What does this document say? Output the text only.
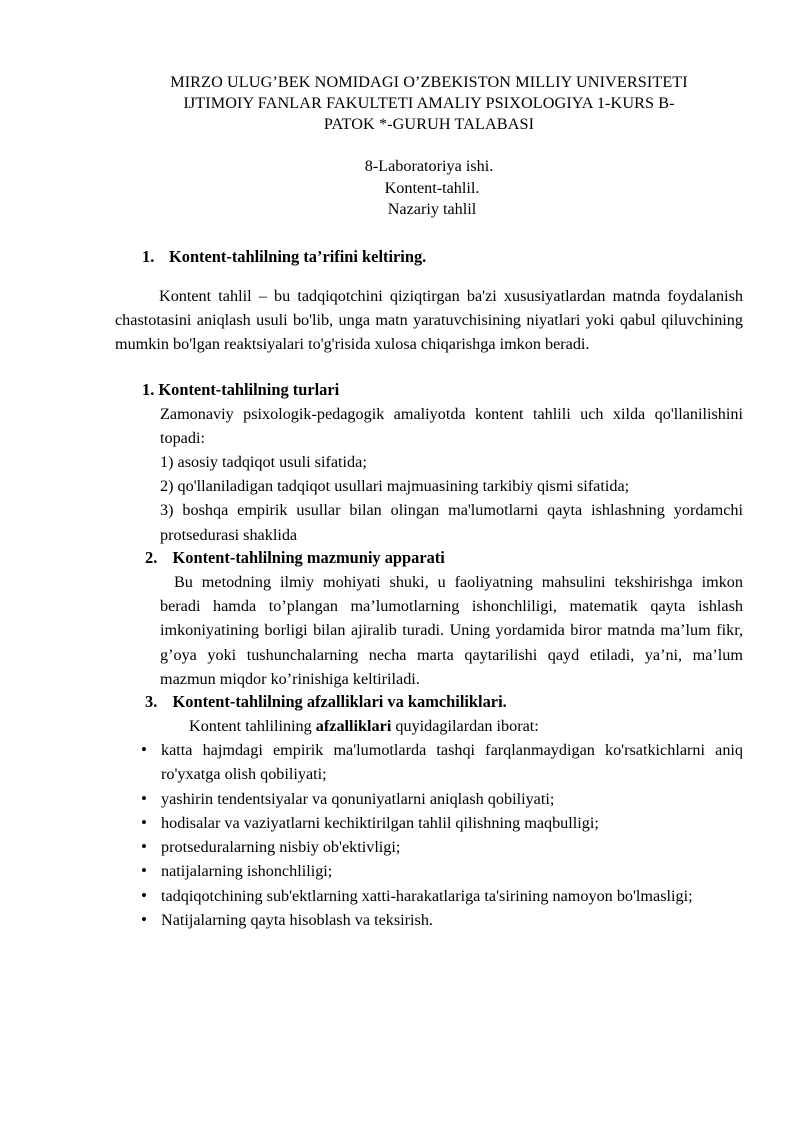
MIRZO ULUG’BEK NOMIDAGI O’ZBEKISTON MILLIY UNIVERSITETI
IJTIMOIY FANLAR FAKULTETI AMALIY PSIXOLOGIYA 1-KURS B-
PATOK *-GURUH TALABASI
8-Laboratoriya ishi.
Kontent-tahlil.
Nazariy tahlil
1. Kontent-tahlilning ta’rifini keltiring.

Kontent tahlil – bu tadqiqotchini qiziqtirgan ba'zi xususiyatlardan matnda foydalanish chastotasini aniqlash usuli bo'lib, unga matn yaratuvchisining niyatlari yoki qabul qiluvchining mumkin bo'lgan reaktsiyalari to'g'risida xulosa chiqarishga imkon beradi.

1. Kontent-tahlilning turlari

Zamonaviy psixologik-pedagogik amaliyotda kontent tahlili uch xilda qo'llanilishini topadi:

1) asosiy tadqiqot usuli sifatida;

2) qo'llaniladigan tadqiqot usullari majmuasining tarkibiy qismi sifatida;

3) boshqa empirik usullar bilan olingan ma'lumotlarni qayta ishlashning yordamchi protsedurasi shaklida

2. Kontent-tahlilning mazmuniy apparati

Bu metodning ilmiy mohiyati shuki, u faoliyatning mahsulini tekshirishga imkon beradi hamda to’plangan ma’lumotlarning ishonchliligi, matematik qayta ishlash imkoniyatining borligi bilan ajiralib turadi. Uning yordamida biror matnda ma’lum fikr, g’oya yoki tushunchalarning necha marta qaytarilishi qayd etiladi, ya’ni, ma’lum mazmun miqdor ko’rinishiga keltiriladi.

3. Kontent-tahlilning afzalliklari va kamchiliklari.
Kontent tahlilining afzalliklari quyidagilardan iborat:
• katta hajmdagi empirik ma'lumotlarda tashqi farqlanmaydigan ko'rsatkichlarni aniq ro'yxatga olish qobiliyati;
• yashirin tendentsiyalar va qonuniyatlarni aniqlash qobiliyati;
• hodisalar va vaziyatlarni kechiktirilgan tahlil qilishning maqbulligi;
• protseduralarning nisbiy ob'ektivligi;
• natijalarning ishonchliligi;
• tadqiqotchining sub'ektlarning xatti-harakatlariga ta'sirining namoyon bo'lmasligi;
• Natijalarning qayta hisoblash va teksirish.
